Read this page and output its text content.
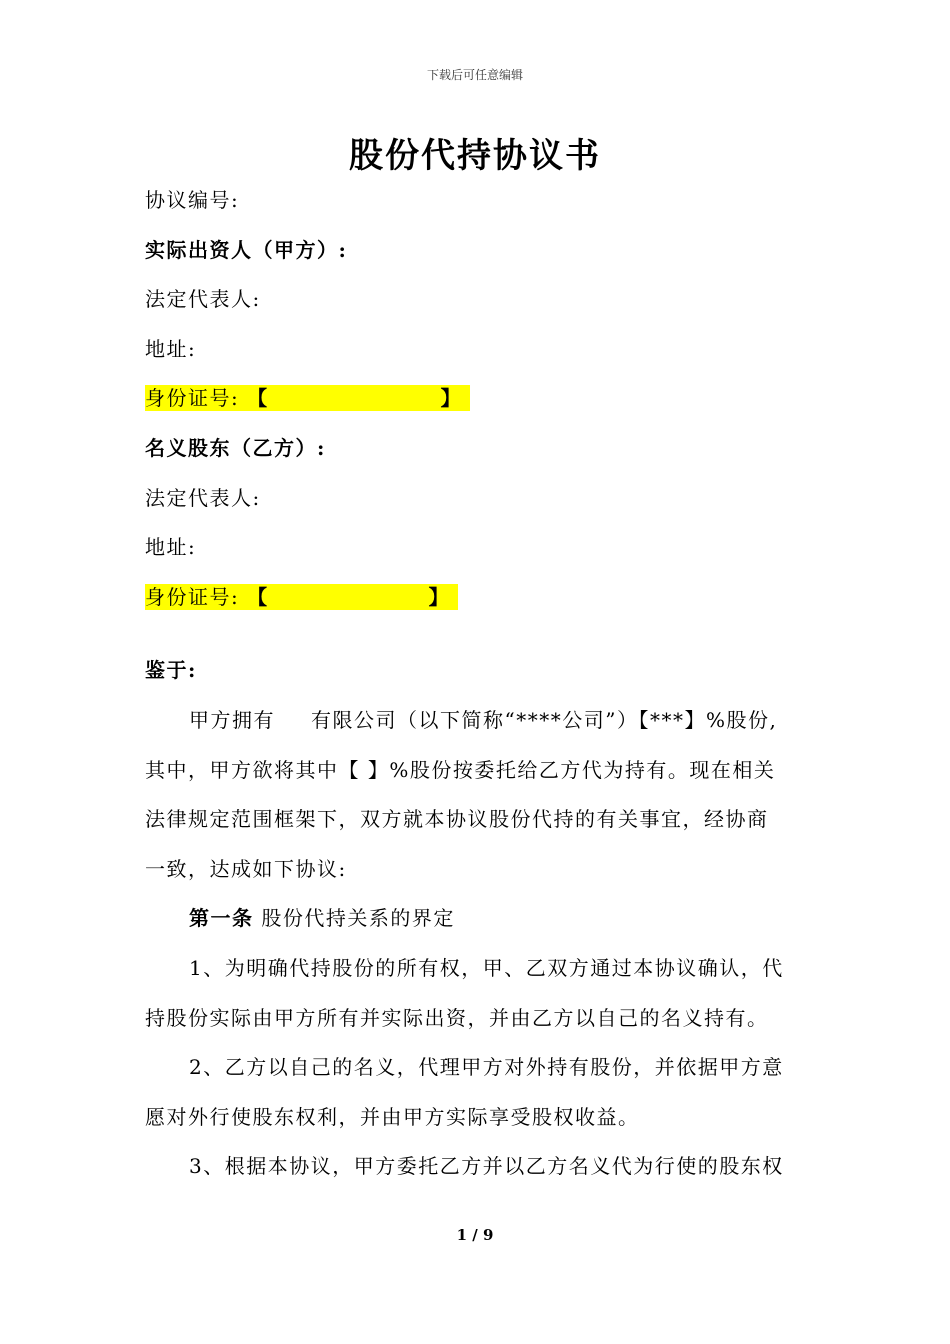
下载后可任意编辑
股份代持协议书
协议编号:
实际出资人（甲方）:
法定代表人:
地址:
身份证号: 【	】
名义股东（乙方）:
法定代表人:
地址:
身份证号: 【	】
鉴于:
甲方拥有 有限公司（以下简称“****公司”）【***】%股份,
其中，甲方欲将其中【 】%股份按委托给乙方代为持有。现在相关
法律规定范围框架下，双方就本协议股份代持的有关事宜，经协商
一致，达成如下协议:
第一条 股份代持关系的界定
1、为明确代持股份的所有权，甲、乙双方通过本协议确认，代
持股份实际由甲方所有并实际出资，并由乙方以自己的名义持有。
2、乙方以自己的名义，代理甲方对外持有股份，并依据甲方意
愿对外行使股东权利，并由甲方实际享受股权收益。
3、根据本协议，甲方委托乙方并以乙方名义代为行使的股东权
1 / 9
